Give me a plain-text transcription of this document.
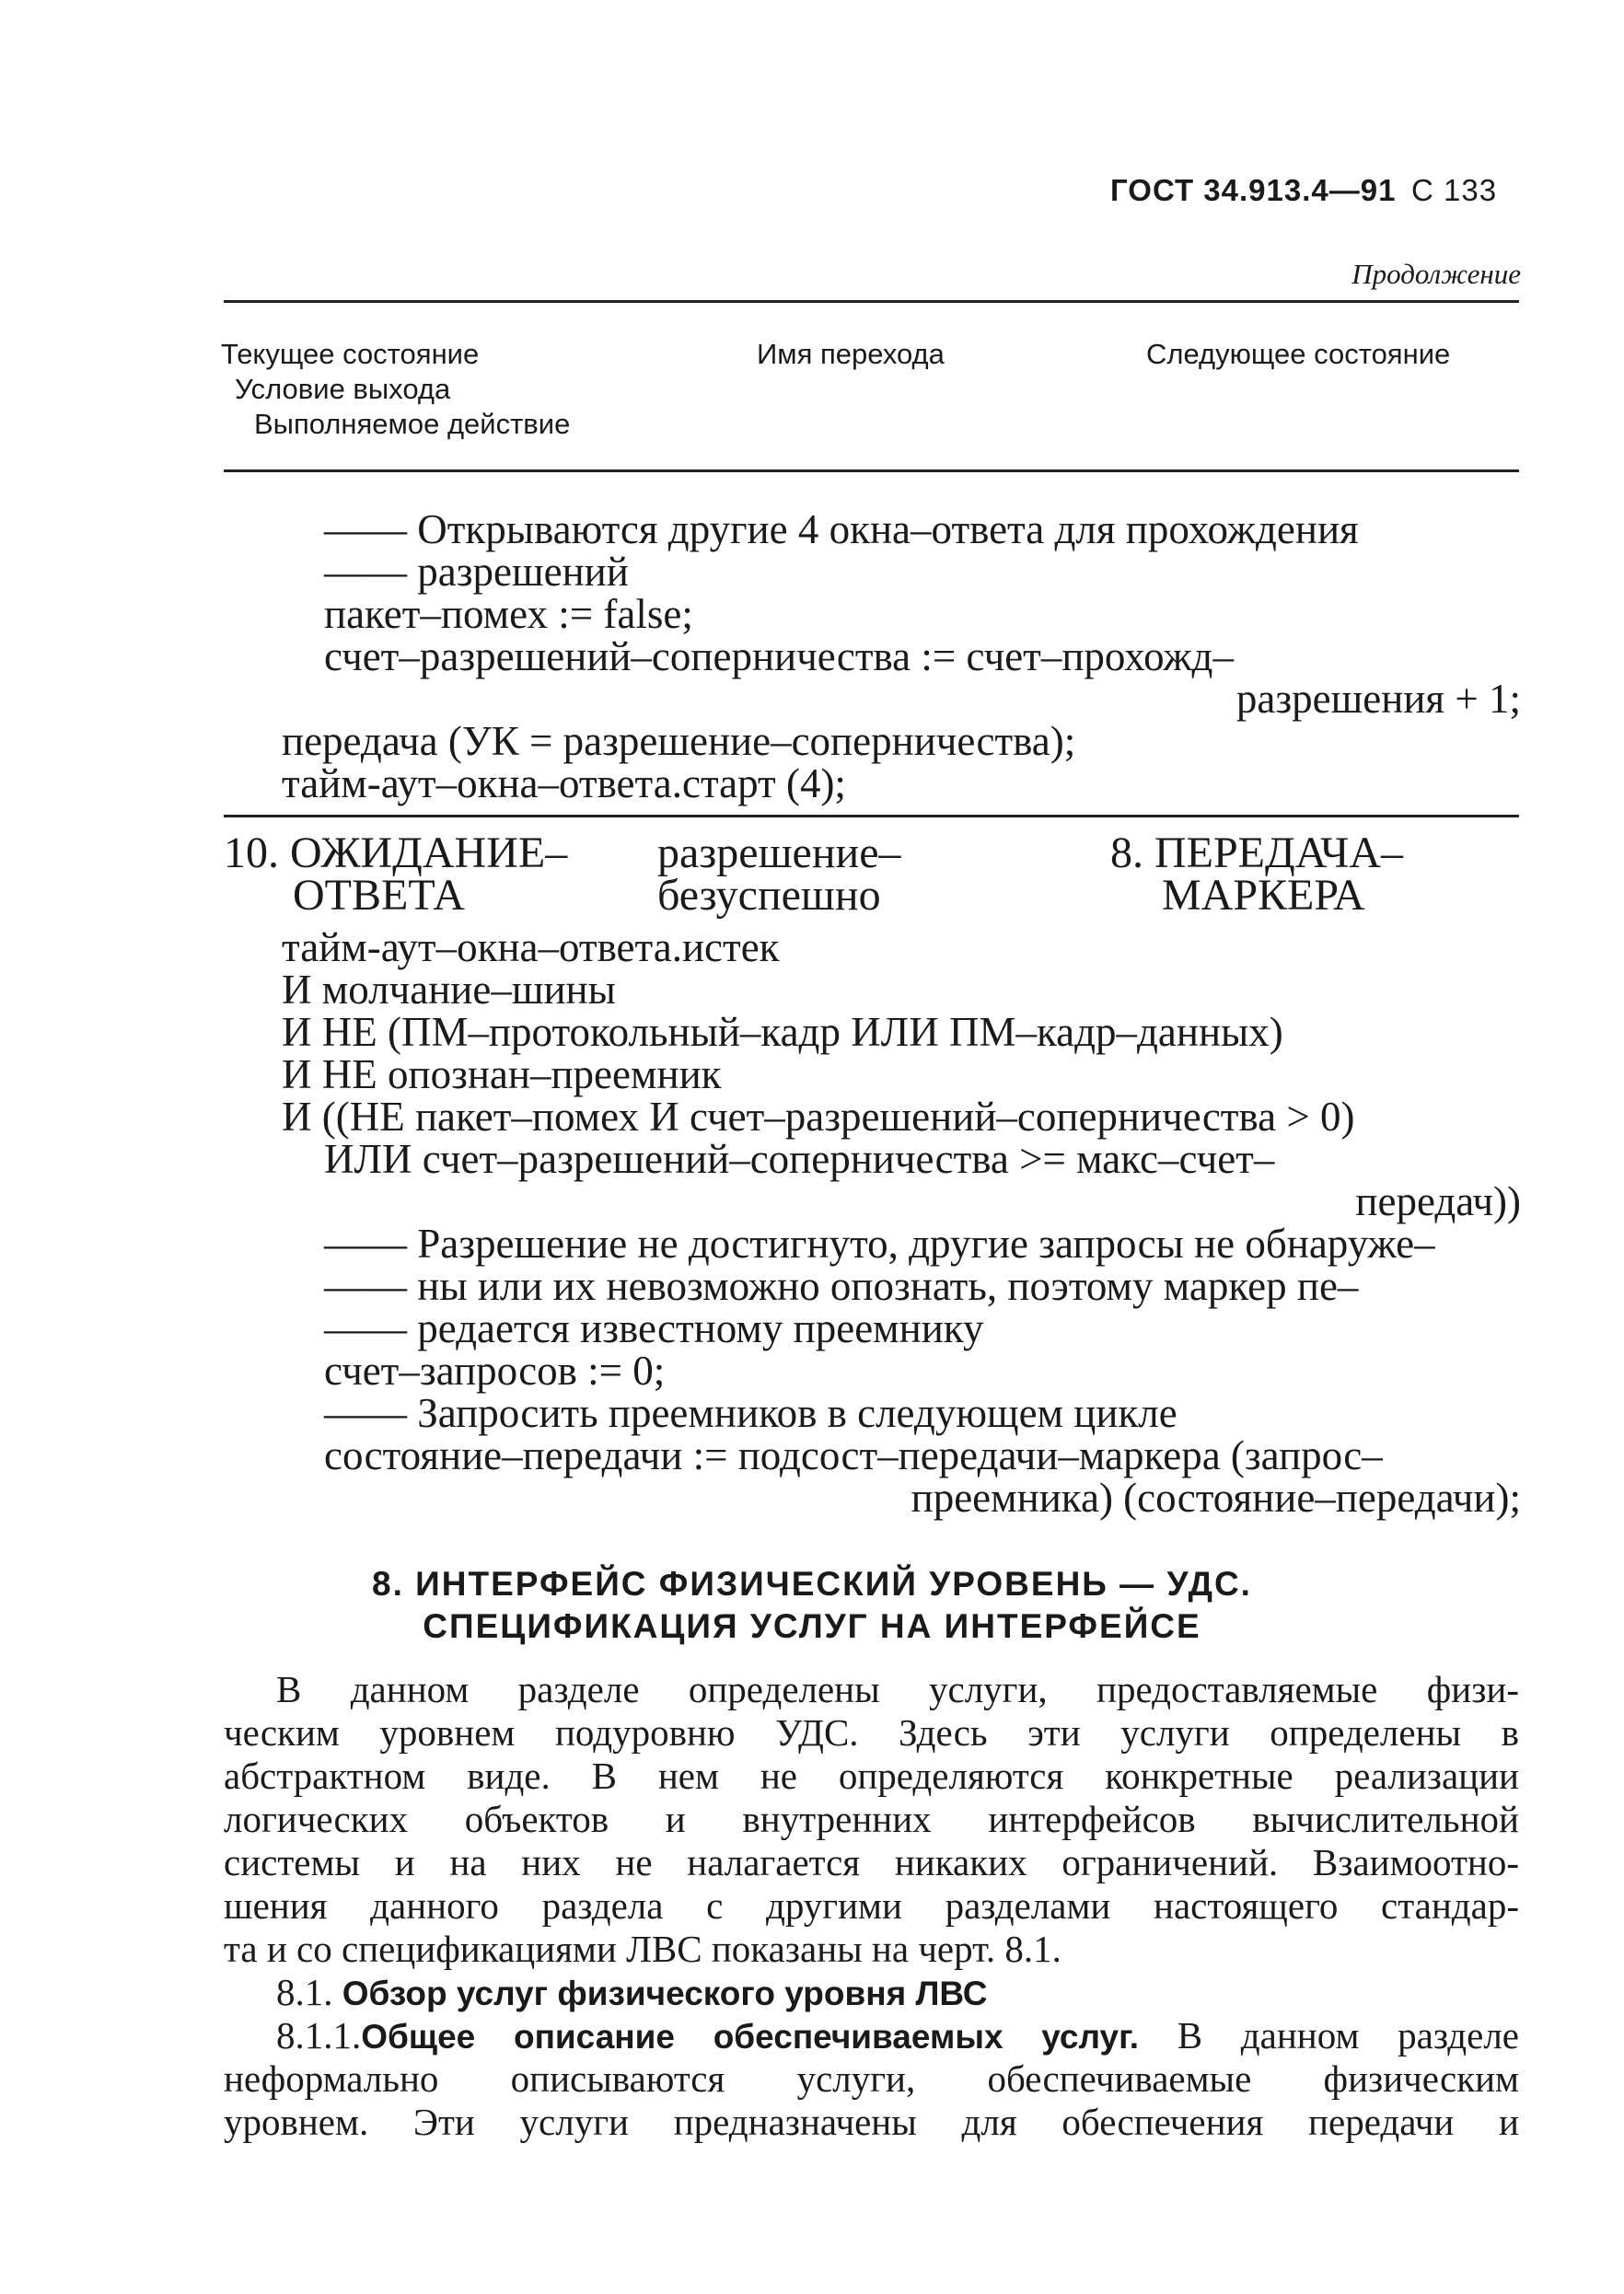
ГОСТ 34.913.4—91 С 133
Продолжение
Текущее состояние
Условие выхода
Выполняемое действие
Имя перехода	Следующее состояние
—— Открываются другие 4 окна–ответа для прохождения
—— разрешений
пакет–помех := false;
счет–разрешений–соперничества := счет–прохожд–
разрешения + 1;
передача (УК = разрешение–соперничества);
тайм-аут–окна–ответа.старт (4);
10. ОЖИДАНИЕ–
ОТВЕТА
разрешение–
безуспешно
8. ПЕРЕДАЧА–
МАРКЕРА
тайм-аут–окна–ответа.истек
И молчание–шины
И НЕ (ПМ–протокольный–кадр ИЛИ ПМ–кадр–данных)
И НЕ опознан–преемник
И ((НЕ пакет–помех И счет–разрешений–соперничества > 0)
ИЛИ счет–разрешений–соперничества >= макс–счет–
передач))
—— Разрешение не достигнуто, другие запросы не обнаруже–
—— ны или их невозможно опознать, поэтому маркер пе–
—— редается известному преемнику
счет–запросов := 0;
—— Запросить преемников в следующем цикле
состояние–передачи := подсост–передачи–маркера (запрос–
преемника) (состояние–передачи);
8. ИНТЕРФЕЙС ФИЗИЧЕСКИЙ УРОВЕНЬ — УДС.
СПЕЦИФИКАЦИЯ УСЛУГ НА ИНТЕРФЕЙСЕ
В данном разделе определены услуги, предоставляемые физи-
ческим уровнем подуровню УДС. Здесь эти услуги определены в
абстрактном виде. В нем не определяются конкретные реализации
логических объектов и внутренних интерфейсов вычислительной
системы и на них не налагается никаких ограничений. Взаимоотно-
шения данного раздела с другими разделами настоящего стандар-
та и со спецификациями ЛВС показаны на черт. 8.1.
8.1. Обзор услуг физического уровня ЛВС
8.1.1.Общее описание обеспечиваемых услуг. В данном разделе
неформально описываются услуги, обеспечиваемые физическим
уровнем. Эти услуги предназначены для обеспечения передачи и
